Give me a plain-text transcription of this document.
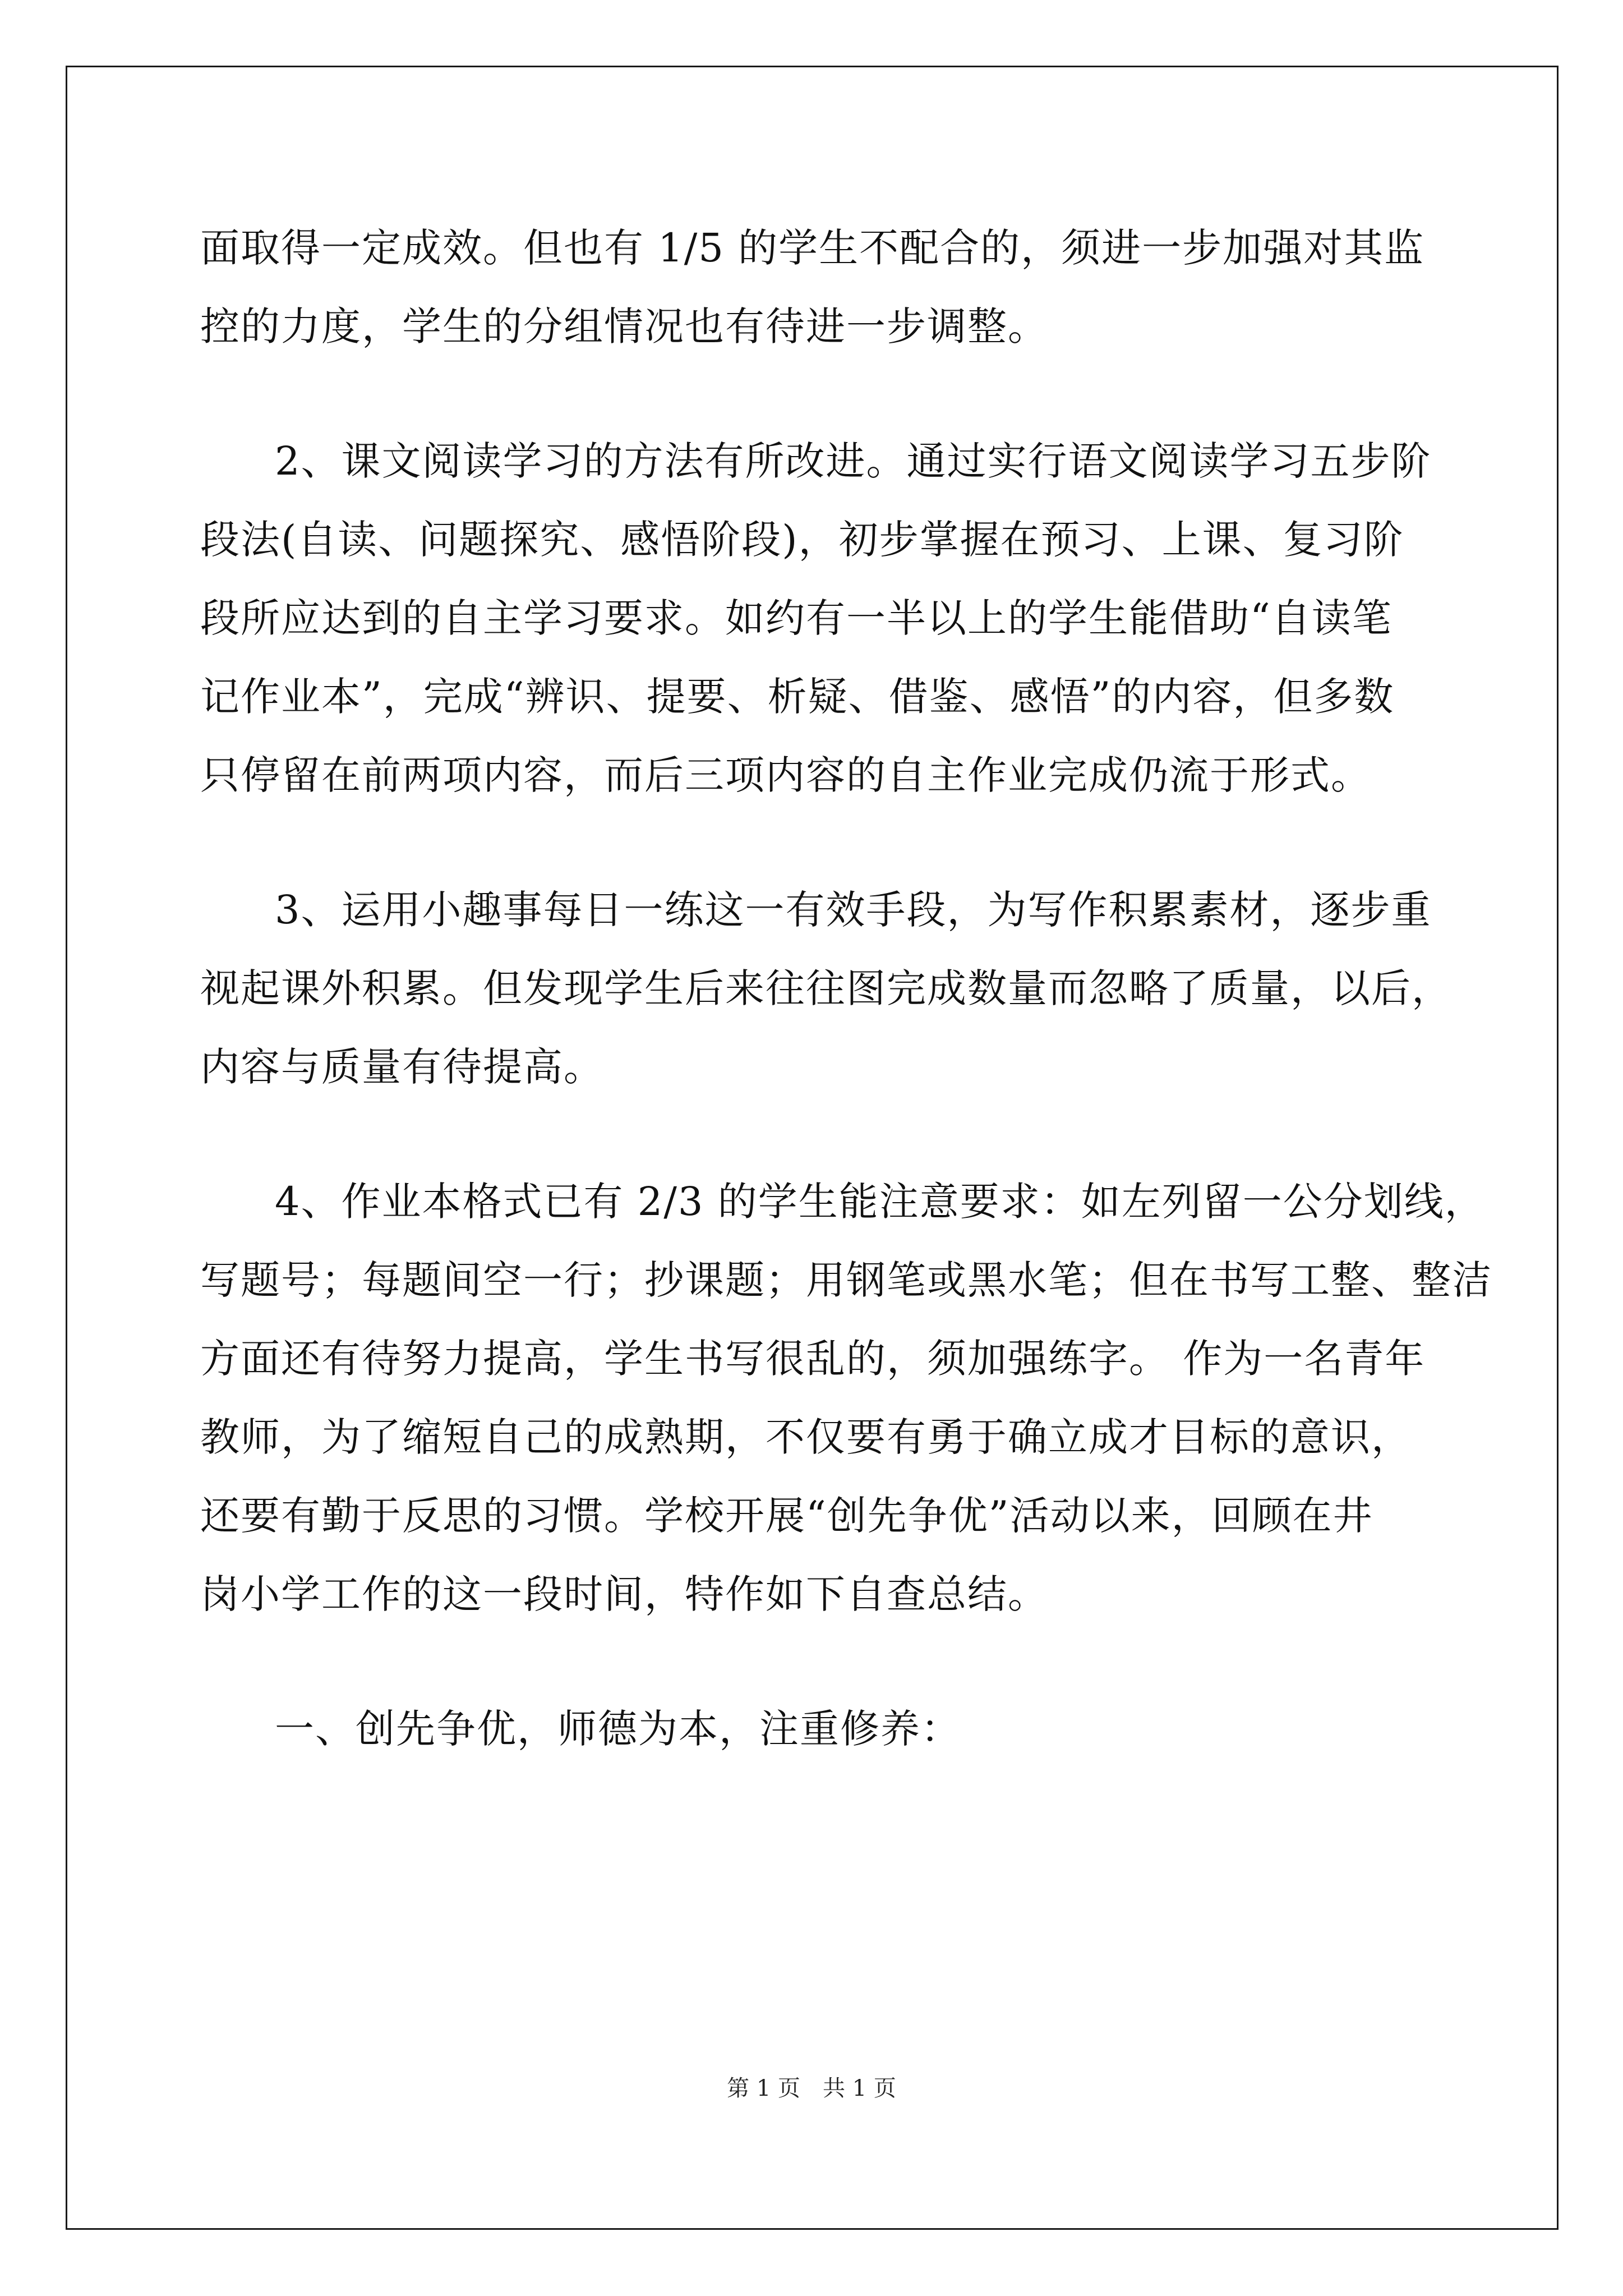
面取得一定成效。但也有 1/5 的学生不配合的，须进一步加强对其监
控的力度，学生的分组情况也有待进一步调整。
2、课文阅读学习的方法有所改进。通过实行语文阅读学习五步阶
段法(自读、问题探究、感悟阶段)，初步掌握在预习、上课、复习阶
段所应达到的自主学习要求。如约有一半以上的学生能借助“自读笔
记作业本”，完成“辨识、提要、析疑、借鉴、感悟”的内容，但多数
只停留在前两项内容，而后三项内容的自主作业完成仍流于形式。
3、运用小趣事每日一练这一有效手段，为写作积累素材，逐步重
视起课外积累。但发现学生后来往往图完成数量而忽略了质量，以后，
内容与质量有待提高。
4、作业本格式已有 2/3 的学生能注意要求：如左列留一公分划线，
写题号；每题间空一行；抄课题；用钢笔或黑水笔；但在书写工整、整洁
方面还有待努力提高，学生书写很乱的，须加强练字。 作为一名青年
教师，为了缩短自己的成熟期，不仅要有勇于确立成才目标的意识，
还要有勤于反思的习惯。学校开展“创先争优”活动以来，回顾在井
岗小学工作的这一段时间，特作如下自查总结。
一、创先争优，师德为本，注重修养：
第 1 页　共 1 页
